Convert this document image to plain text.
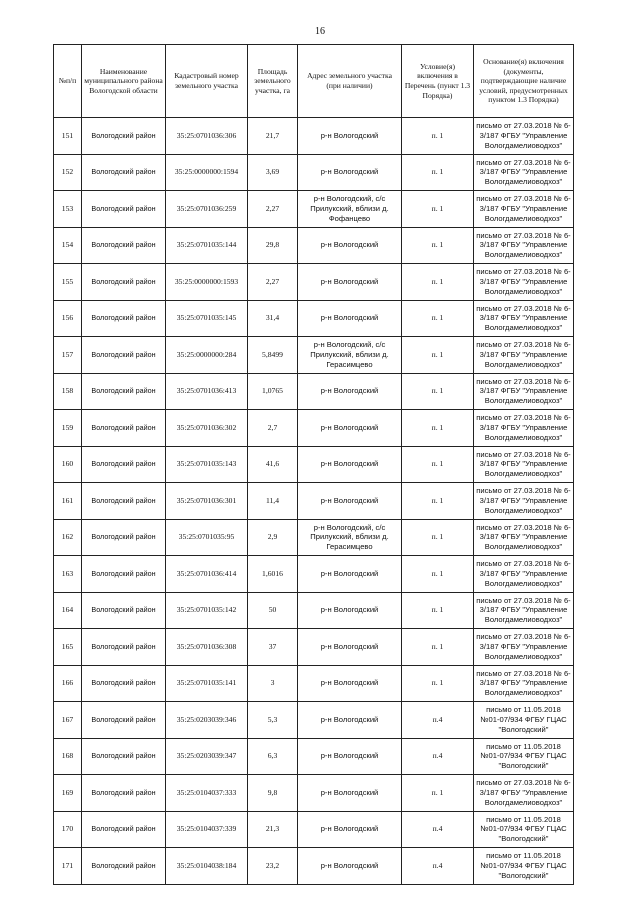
16
№п/п	Наименование муниципального района Вологодской области	Кадастровый номер земельного участка	Площадь земельного участка, га	Адрес земельного участка (при наличии)	Условие(я) включения в Перечень (пункт 1.3 Порядка)	Основание(я) включения (документы, подтверждающие наличие условий, предусмотренных пунктом 1.3 Порядка)
151	Вологодский район	35:25:0701036:306	21,7	р-н Вологодский	п. 1	письмо от 27.03.2018 № 6-3/187 ФГБУ "Управление Вологдамелиоводхоз"
152	Вологодский район	35:25:0000000:1594	3,69	р-н Вологодский	п. 1	письмо от 27.03.2018 № 6-3/187 ФГБУ "Управление Вологдамелиоводхоз"
153	Вологодский район	35:25:0701036:259	2,27	р-н Вологодский, с/с Прилукский, вблизи д. Фофанцево	п. 1	письмо от 27.03.2018 № 6-3/187 ФГБУ "Управление Вологдамелиоводхоз"
154	Вологодский район	35:25:0701035:144	29,8	р-н Вологодский	п. 1	письмо от 27.03.2018 № 6-3/187 ФГБУ "Управление Вологдамелиоводхоз"
155	Вологодский район	35:25:0000000:1593	2,27	р-н Вологодский	п. 1	письмо от 27.03.2018 № 6-3/187 ФГБУ "Управление Вологдамелиоводхоз"
156	Вологодский район	35:25:0701035:145	31,4	р-н Вологодский	п. 1	письмо от 27.03.2018 № 6-3/187 ФГБУ "Управление Вологдамелиоводхоз"
157	Вологодский район	35:25:0000000:284	5,8499	р-н Вологодский, с/с Прилукский, вблизи д. Герасимцево	п. 1	письмо от 27.03.2018 № 6-3/187 ФГБУ "Управление Вологдамелиоводхоз"
158	Вологодский район	35:25:0701036:413	1,0765	р-н Вологодский	п. 1	письмо от 27.03.2018 № 6-3/187 ФГБУ "Управление Вологдамелиоводхоз"
159	Вологодский район	35:25:0701036:302	2,7	р-н Вологодский	п. 1	письмо от 27.03.2018 № 6-3/187 ФГБУ "Управление Вологдамелиоводхоз"
160	Вологодский район	35:25:0701035:143	41,6	р-н Вологодский	п. 1	письмо от 27.03.2018 № 6-3/187 ФГБУ "Управление Вологдамелиоводхоз"
161	Вологодский район	35:25:0701036:301	11,4	р-н Вологодский	п. 1	письмо от 27.03.2018 № 6-3/187 ФГБУ "Управление Вологдамелиоводхоз"
162	Вологодский район	35:25:0701035:95	2,9	р-н Вологодский, с/с Прилукский, вблизи д. Герасимцево	п. 1	письмо от 27.03.2018 № 6-3/187 ФГБУ "Управление Вологдамелиоводхоз"
163	Вологодский район	35:25:0701036:414	1,6016	р-н Вологодский	п. 1	письмо от 27.03.2018 № 6-3/187 ФГБУ "Управление Вологдамелиоводхоз"
164	Вологодский район	35:25:0701035:142	50	р-н Вологодский	п. 1	письмо от 27.03.2018 № 6-3/187 ФГБУ "Управление Вологдамелиоводхоз"
165	Вологодский район	35:25:0701036:308	37	р-н Вологодский	п. 1	письмо от 27.03.2018 № 6-3/187 ФГБУ "Управление Вологдамелиоводхоз"
166	Вологодский район	35:25:0701035:141	3	р-н Вологодский	п. 1	письмо от 27.03.2018 № 6-3/187 ФГБУ "Управление Вологдамелиоводхоз"
167	Вологодский район	35:25:0203039:346	5,3	р-н Вологодский	п.4	письмо от 11.05.2018 №01-07/934 ФГБУ ГЦАС "Вологодский"
168	Вологодский район	35:25:0203039:347	6,3	р-н Вологодский	п.4	письмо от 11.05.2018 №01-07/934 ФГБУ ГЦАС "Вологодский"
169	Вологодский район	35:25:0104037:333	9,8	р-н Вологодский	п. 1	письмо от 27.03.2018 № 6-3/187 ФГБУ "Управление Вологдамелиоводхоз"
170	Вологодский район	35:25:0104037:339	21,3	р-н Вологодский	п.4	письмо от 11.05.2018 №01-07/934 ФГБУ ГЦАС "Вологодский"
171	Вологодский район	35:25:0104038:184	23,2	р-н Вологодский	п.4	письмо от 11.05.2018 №01-07/934 ФГБУ ГЦАС "Вологодский"
